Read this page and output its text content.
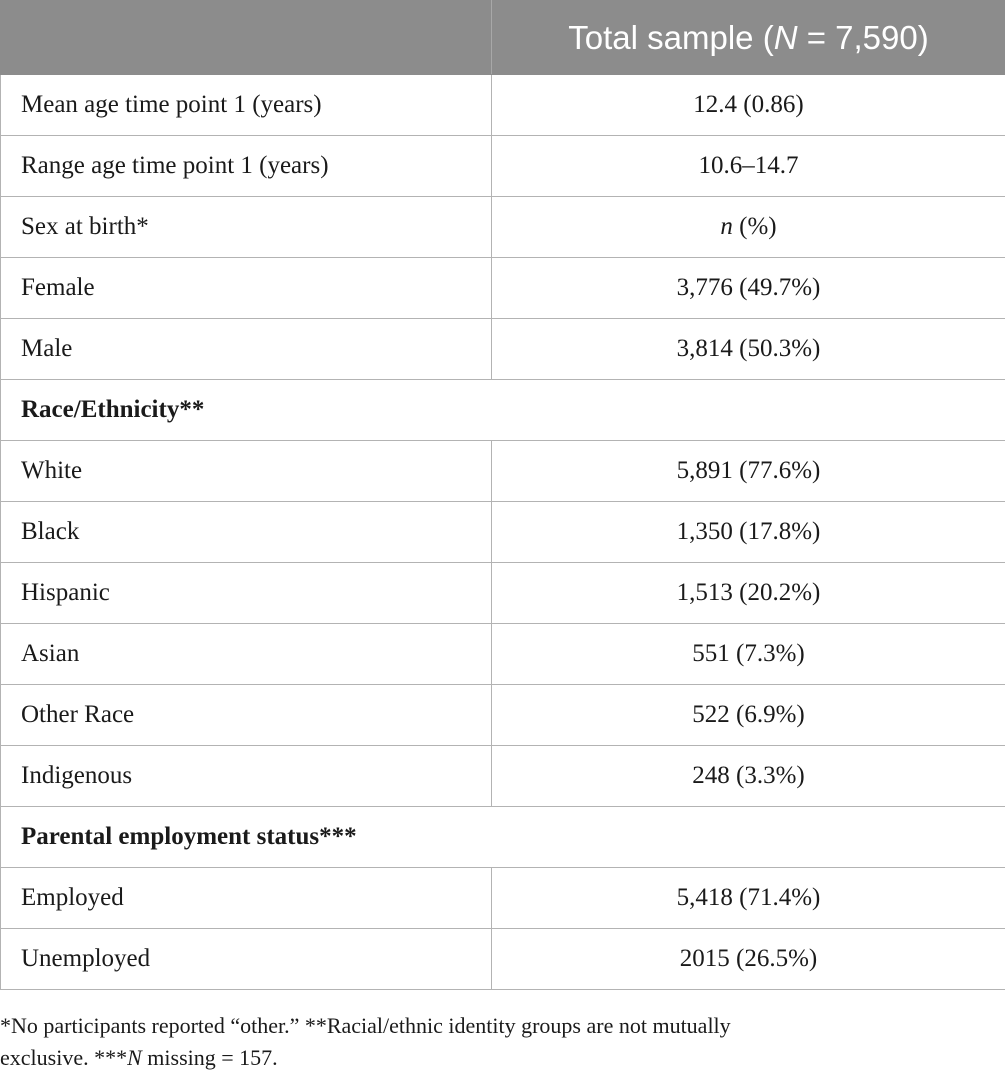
	Total sample (N = 7,590)
Mean age time point 1 (years)	12.4 (0.86)
Range age time point 1 (years)	10.6–14.7
Sex at birth*	n (%)
Female	3,776 (49.7%)
Male	3,814 (50.3%)
Race/Ethnicity**	
White	5,891 (77.6%)
Black	1,350 (17.8%)
Hispanic	1,513 (20.2%)
Asian	551 (7.3%)
Other Race	522 (6.9%)
Indigenous	248 (3.3%)
Parental employment status***	
Employed	5,418 (71.4%)
Unemployed	2015 (26.5%)

*No participants reported “other.” **Racial/ethnic identity groups are not mutually

exclusive. ***N missing = 157.
